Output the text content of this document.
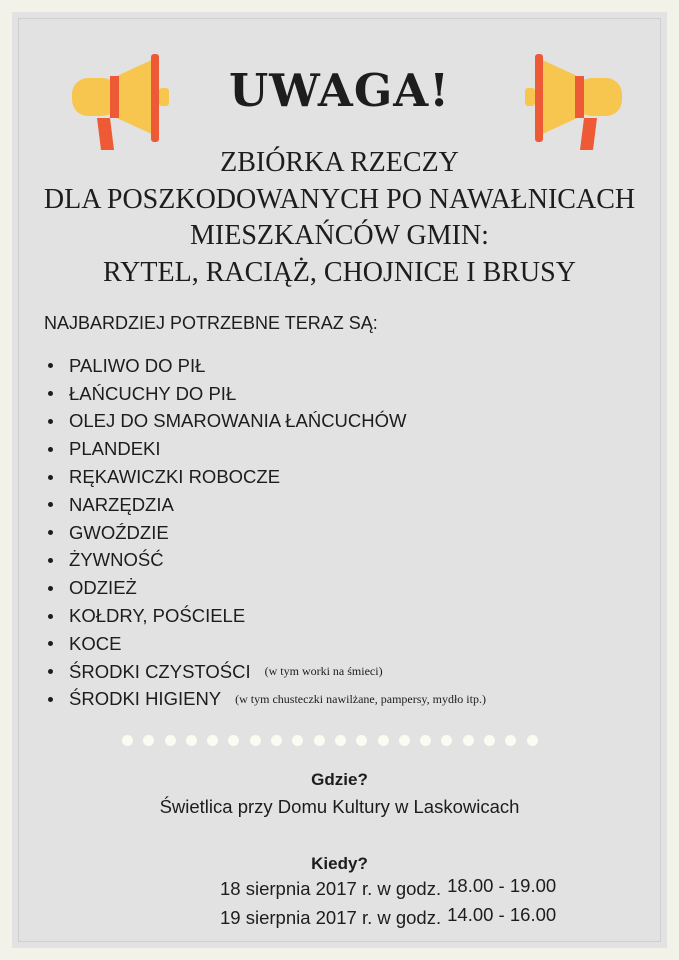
UWAGA!
ZBIÓRKA RZECZY
DLA POSZKODOWANYCH PO NAWAŁNICACH
MIESZKAŃCÓW GMIN:
RYTEL, RACIĄŻ, CHOJNICE I BRUSY
NAJBARDZIEJ POTRZEBNE TERAZ SĄ:
PALIWO DO PIŁ
ŁAŃCUCHY DO PIŁ
OLEJ DO SMAROWANIA ŁAŃCUCHÓW
PLANDEKI
RĘKAWICZKI ROBOCZE
NARZĘDZIA
GWOŹDZIE
ŻYWNOŚĆ
ODZIEŻ
KOŁDRY, POŚCIELE
KOCE
ŚRODKI CZYSTOŚCI (w tym worki na śmieci)
ŚRODKI HIGIENY (w tym chusteczki nawilżane, pampersy, mydło itp.)
Gdzie?
Świetlica przy Domu Kultury w Laskowicach
Kiedy?
18 sierpnia 2017 r. w godz. 18.00 - 19.00
19 sierpnia 2017 r. w godz. 14.00 - 16.00
